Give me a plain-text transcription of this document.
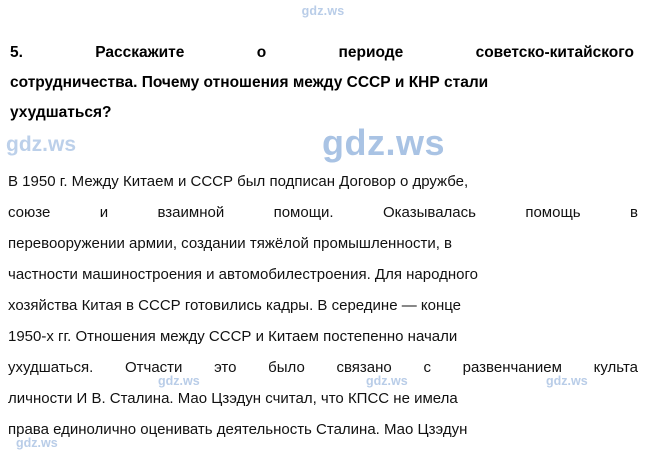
gdz.ws
5.	Расскажите	о	периоде	советско-китайского
сотрудничества. Почему отношения между СССР и КНР стали
ухудшаться?
gdz.ws	gdz.ws
В 1950 г. Между Китаем и СССР был подписан Договор о дружбе,
союзе	и	взаимной	помощи.	Оказывалась	помощь	в
перевооружении армии, создании тяжёлой промышленности, в
частности машиностроения и автомобилестроения. Для народного
хозяйства Китая в СССР готовились кадры. В середине — конце
1950-х гг. Отношения между СССР и Китаем постепенно начали
ухудшаться. Отчасти это было связано с развенчанием культа
личности И В. Сталина. Мао Цзэдун считал, что КПСС не имела
права единолично оценивать деятельность Сталина. Мао Цзэдун
gdz.ws	gdz.ws	gdz.ws
gdz.ws
